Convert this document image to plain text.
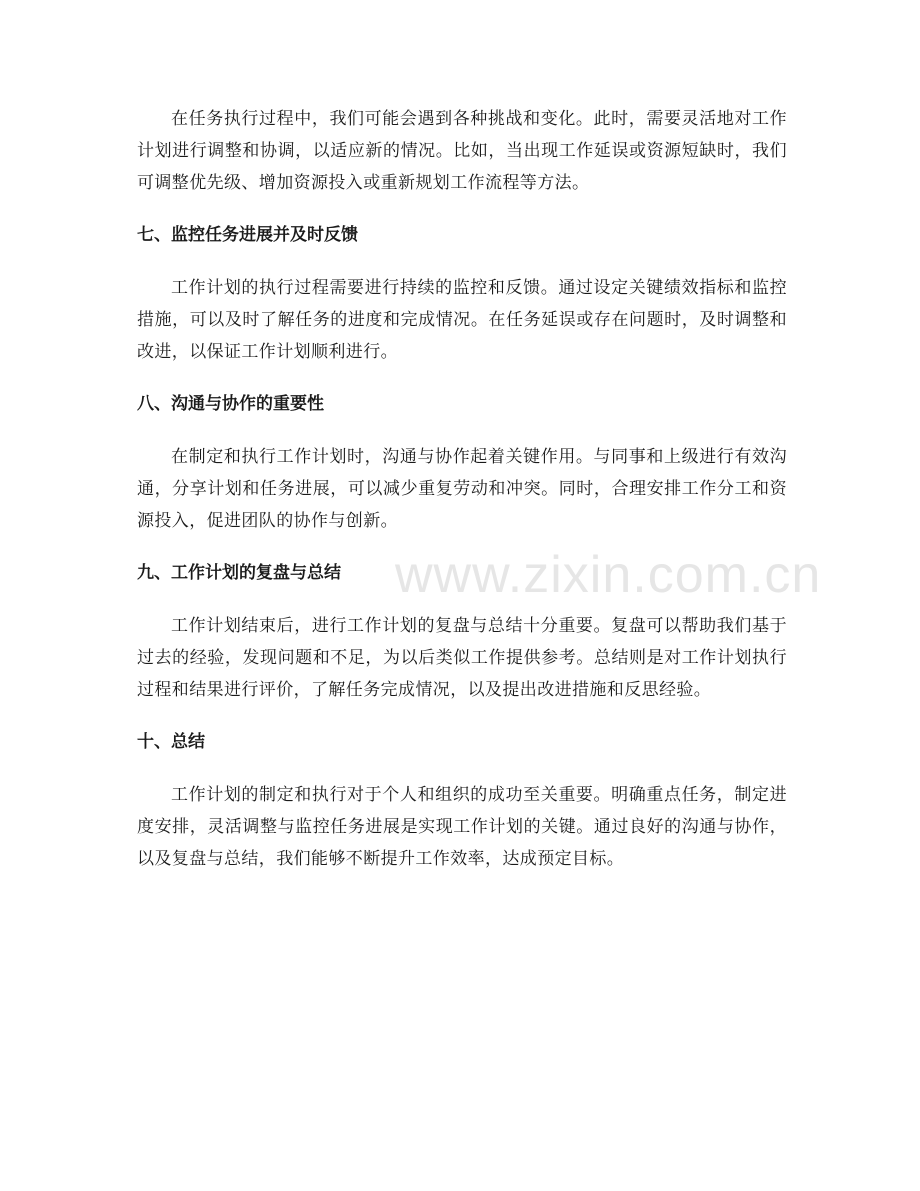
www.zixin.com.cn

在任务执行过程中，我们可能会遇到各种挑战和变化。此时，需要灵活地对工作计划进行调整和协调，以适应新的情况。比如，当出现工作延误或资源短缺时，我们可调整优先级、增加资源投入或重新规划工作流程等方法。

七、监控任务进展并及时反馈

工作计划的执行过程需要进行持续的监控和反馈。通过设定关键绩效指标和监控措施，可以及时了解任务的进度和完成情况。在任务延误或存在问题时，及时调整和改进，以保证工作计划顺利进行。

八、沟通与协作的重要性

在制定和执行工作计划时，沟通与协作起着关键作用。与同事和上级进行有效沟通，分享计划和任务进展，可以减少重复劳动和冲突。同时，合理安排工作分工和资源投入，促进团队的协作与创新。

九、工作计划的复盘与总结

工作计划结束后，进行工作计划的复盘与总结十分重要。复盘可以帮助我们基于过去的经验，发现问题和不足，为以后类似工作提供参考。总结则是对工作计划执行过程和结果进行评价，了解任务完成情况，以及提出改进措施和反思经验。

十、总结

工作计划的制定和执行对于个人和组织的成功至关重要。明确重点任务，制定进度安排，灵活调整与监控任务进展是实现工作计划的关键。通过良好的沟通与协作，以及复盘与总结，我们能够不断提升工作效率，达成预定目标。
